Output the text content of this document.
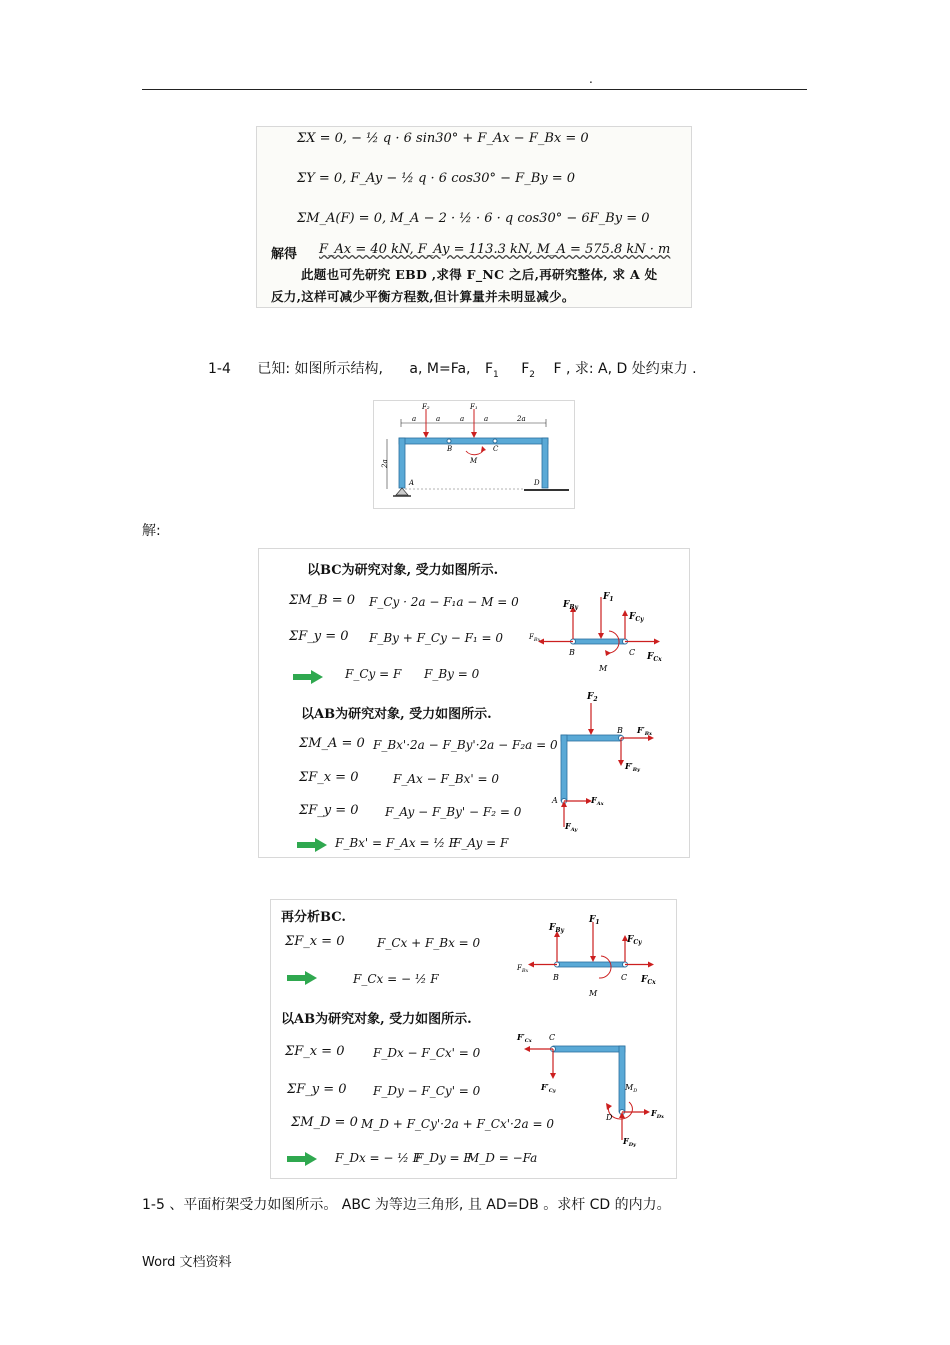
.
ΣX = 0, − ½ q · 6 sin30° + F_Ax − F_Bx = 0
ΣY = 0, F_Ay − ½ q · 6 cos30° − F_By = 0
ΣM_A(F) = 0, M_A − 2 · ½ · 6 · q cos30° − 6F_By = 0
解得 F_Ax = 40 kN, F_Ay = 113.3 kN, M_A = 575.8 kN · m
此题也可先研究 EBD ,求得 F_NC 之后,再研究整体, 求 A 处
反力,这样可减少平衡方程数,但计算量并未明显减少。
1-4 已知: 如图所示结构, a, M=Fa, $F_1$ $F_2$ F , 求: A, D 处约束力 .
a	a	a	a	2a
2a
F₂	F₁
B	C
M
A	D
解:
以BC为研究对象, 受力如图所示.
ΣM_B = 0 F_Cy · 2a − F₁a − M = 0
ΣF_y = 0 F_By + F_Cy − F₁ = 0
F_Cy = F F_By = 0
以AB为研究对象, 受力如图所示.
ΣM_A = 0 F_Bx'·2a − F_By'·2a − F₂a = 0
ΣF_x = 0	F_Ax − F_Bx' = 0
ΣF_y = 0 F_Ay − F_By' − F₂ = 0
F_Bx' = F_Ax = ½ F
F_Ay = F
$F_{By}$
$F_1$
$F_{Cy}$
$F_{Bx}$
$F_{Cx}$
B	C
M
$F_2$
$F'_{Bx}$
$F'_{By}$
B
$F_{Ax}$
$F_{Ay}$
A
再分析BC.
ΣF_x = 0	F_Cx + F_Bx = 0
F_Cx = − ½ F
以AB为研究对象, 受力如图所示.
ΣF_x = 0 F_Dx − F_Cx' = 0
ΣF_y = 0 F_Dy − F_Cy' = 0
ΣM_D = 0 M_D + F_Cy'·2a + F_Cx'·2a = 0
F_Dx = − ½ F
F_Dy = F
M_D = −Fa
$F_{By}$
$F_1$
$F_{Cy}$
$F_{Bx}$
$F_{Cx}$
B	C
M
$F'_{Cx}$ C
$F'_{Cy}$
$F_{Dx}$
$F_{Dy}$
$M_D$
D
1-5 、平面桁架受力如图所示。 ABC 为等边三角形, 且 AD=DB 。求杆 CD 的内力。
Word 文档资料
